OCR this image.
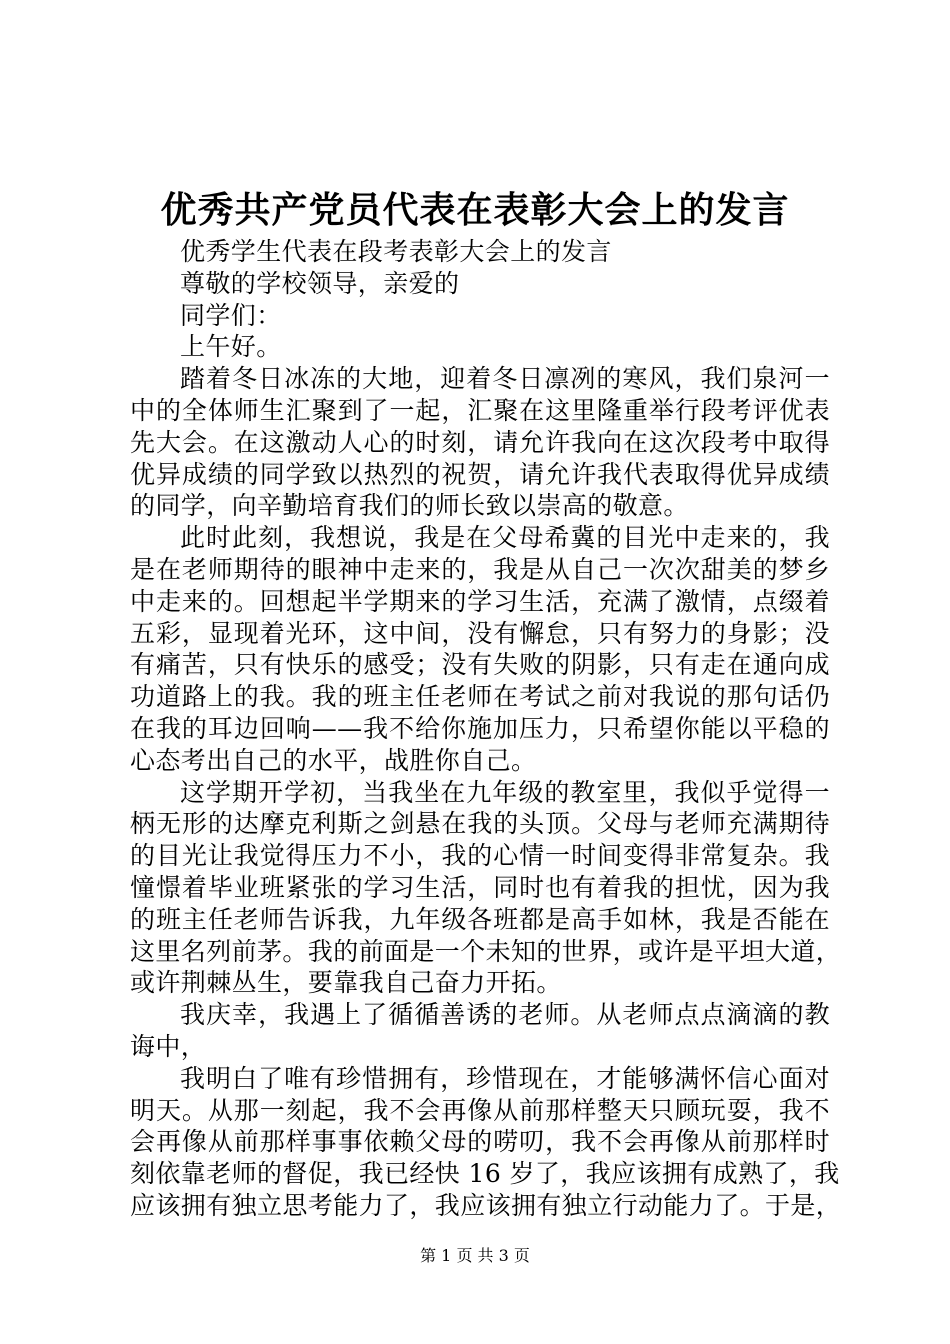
优秀共产党员代表在表彰大会上的发言
优秀学生代表在段考表彰大会上的发言
尊敬的学校领导，亲爱的
同学们：
上午好。
踏着冬日冰冻的大地，迎着冬日凛冽的寒风，我们泉河一
中的全体师生汇聚到了一起，汇聚在这里隆重举行段考评优表
先大会。在这激动人心的时刻，请允许我向在这次段考中取得
优异成绩的同学致以热烈的祝贺，请允许我代表取得优异成绩
的同学，向辛勤培育我们的师长致以崇高的敬意。
此时此刻，我想说，我是在父母希冀的目光中走来的，我
是在老师期待的眼神中走来的，我是从自己一次次甜美的梦乡
中走来的。回想起半学期来的学习生活，充满了激情，点缀着
五彩，显现着光环，这中间，没有懈怠，只有努力的身影；没
有痛苦，只有快乐的感受；没有失败的阴影，只有走在通向成
功道路上的我。我的班主任老师在考试之前对我说的那句话仍
在我的耳边回响——我不给你施加压力，只希望你能以平稳的
心态考出自己的水平，战胜你自己。
这学期开学初，当我坐在九年级的教室里，我似乎觉得一
柄无形的达摩克利斯之剑悬在我的头顶。父母与老师充满期待
的目光让我觉得压力不小，我的心情一时间变得非常复杂。我
憧憬着毕业班紧张的学习生活，同时也有着我的担忧，因为我
的班主任老师告诉我，九年级各班都是高手如林，我是否能在
这里名列前茅。我的前面是一个未知的世界，或许是平坦大道，
或许荆棘丛生，要靠我自己奋力开拓。
我庆幸，我遇上了循循善诱的老师。从老师点点滴滴的教
诲中，
我明白了唯有珍惜拥有，珍惜现在，才能够满怀信心面对
明天。从那一刻起，我不会再像从前那样整天只顾玩耍，我不
会再像从前那样事事依赖父母的唠叨，我不会再像从前那样时
刻依靠老师的督促，我已经快 16 岁了，我应该拥有成熟了，我
应该拥有独立思考能力了，我应该拥有独立行动能力了。于是，
第 1 页 共 3 页
